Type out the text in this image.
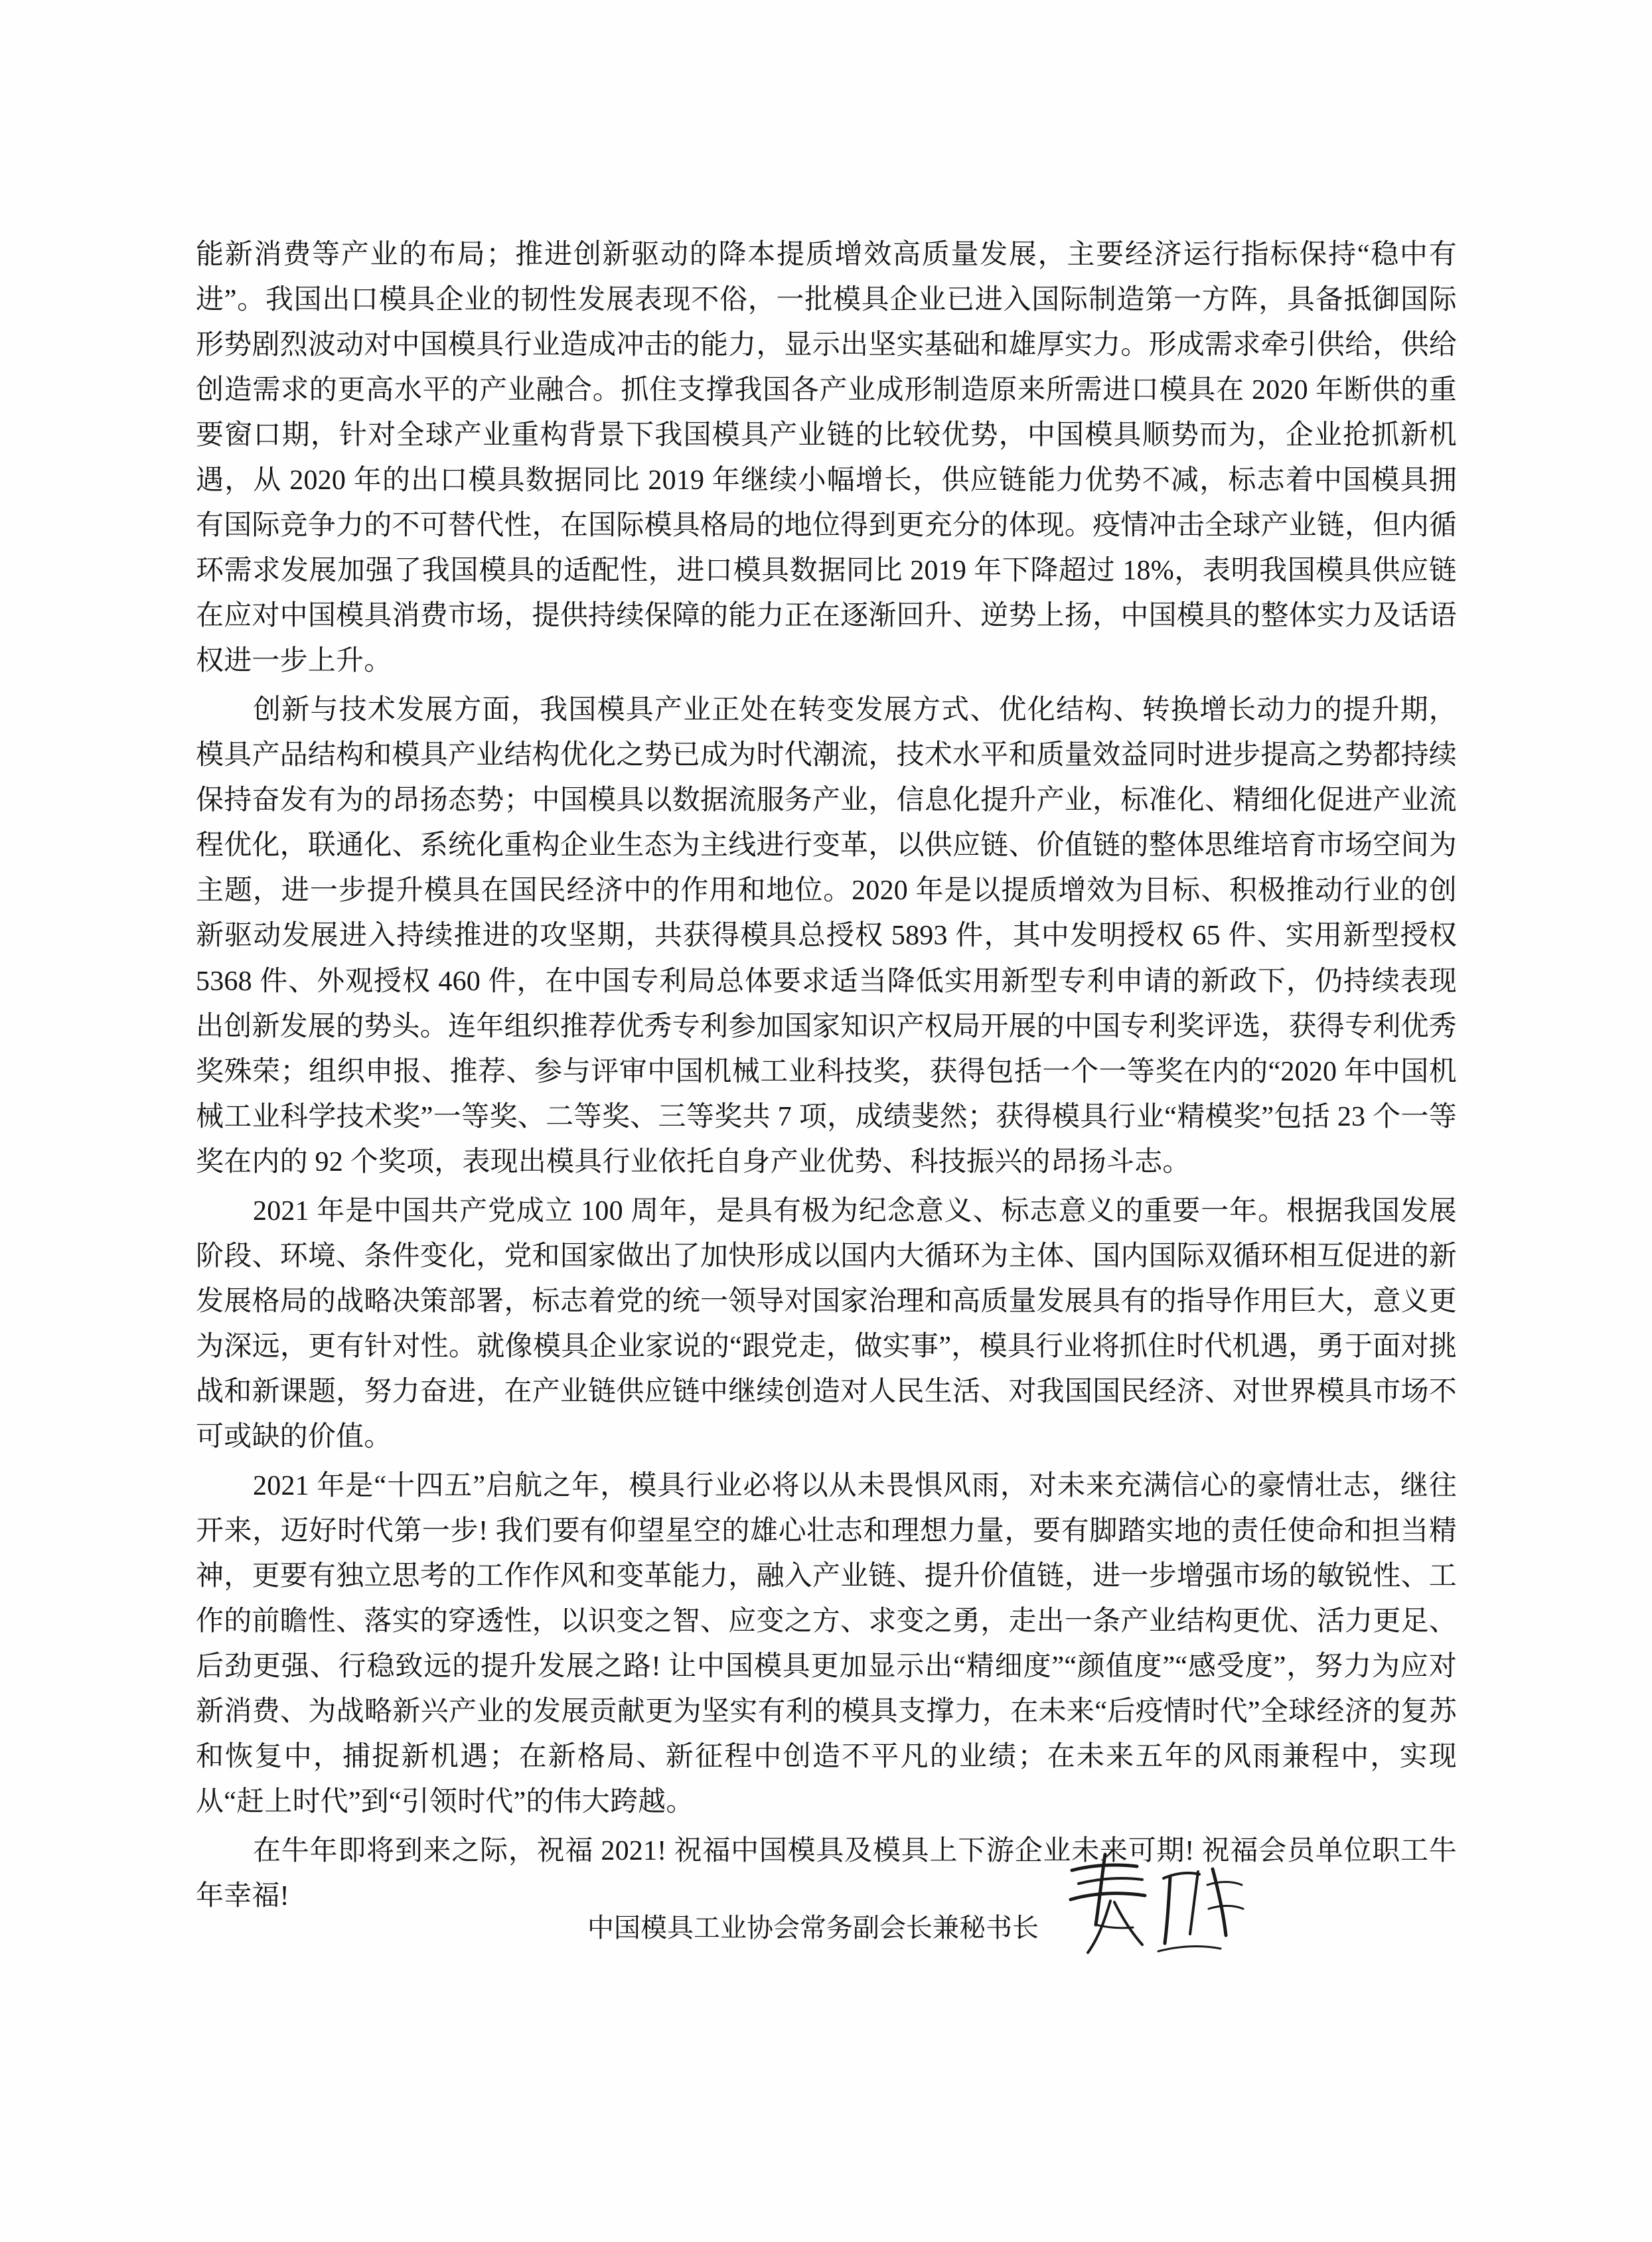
能新消费等产业的布局；推进创新驱动的降本提质增效高质量发展，主要经济运行指标保持“稳中有进”。我国出口模具企业的韧性发展表现不俗，一批模具企业已进入国际制造第一方阵，具备抵御国际形势剧烈波动对中国模具行业造成冲击的能力，显示出坚实基础和雄厚实力。形成需求牵引供给，供给创造需求的更高水平的产业融合。抓住支撑我国各产业成形制造原来所需进口模具在 2020 年断供的重要窗口期，针对全球产业重构背景下我国模具产业链的比较优势，中国模具顺势而为，企业抢抓新机遇，从 2020 年的出口模具数据同比 2019 年继续小幅增长，供应链能力优势不减，标志着中国模具拥有国际竞争力的不可替代性，在国际模具格局的地位得到更充分的体现。疫情冲击全球产业链，但内循环需求发展加强了我国模具的适配性，进口模具数据同比 2019 年下降超过 18%，表明我国模具供应链在应对中国模具消费市场，提供持续保障的能力正在逐渐回升、逆势上扬，中国模具的整体实力及话语权进一步上升。

创新与技术发展方面，我国模具产业正处在转变发展方式、优化结构、转换增长动力的提升期，模具产品结构和模具产业结构优化之势已成为时代潮流，技术水平和质量效益同时进步提高之势都持续保持奋发有为的昂扬态势；中国模具以数据流服务产业，信息化提升产业，标准化、精细化促进产业流程优化，联通化、系统化重构企业生态为主线进行变革，以供应链、价值链的整体思维培育市场空间为主题，进一步提升模具在国民经济中的作用和地位。2020 年是以提质增效为目标、积极推动行业的创新驱动发展进入持续推进的攻坚期，共获得模具总授权 5893 件，其中发明授权 65 件、实用新型授权 5368 件、外观授权 460 件，在中国专利局总体要求适当降低实用新型专利申请的新政下，仍持续表现出创新发展的势头。连年组织推荐优秀专利参加国家知识产权局开展的中国专利奖评选，获得专利优秀奖殊荣；组织申报、推荐、参与评审中国机械工业科技奖，获得包括一个一等奖在内的“2020 年中国机械工业科学技术奖”一等奖、二等奖、三等奖共 7 项，成绩斐然；获得模具行业“精模奖”包括 23 个一等奖在内的 92 个奖项，表现出模具行业依托自身产业优势、科技振兴的昂扬斗志。

2021 年是中国共产党成立 100 周年，是具有极为纪念意义、标志意义的重要一年。根据我国发展阶段、环境、条件变化，党和国家做出了加快形成以国内大循环为主体、国内国际双循环相互促进的新发展格局的战略决策部署，标志着党的统一领导对国家治理和高质量发展具有的指导作用巨大，意义更为深远，更有针对性。就像模具企业家说的“跟党走，做实事”，模具行业将抓住时代机遇，勇于面对挑战和新课题，努力奋进，在产业链供应链中继续创造对人民生活、对我国国民经济、对世界模具市场不可或缺的价值。

2021 年是“十四五”启航之年，模具行业必将以从未畏惧风雨，对未来充满信心的豪情壮志，继往开来，迈好时代第一步! 我们要有仰望星空的雄心壮志和理想力量，要有脚踏实地的责任使命和担当精神，更要有独立思考的工作作风和变革能力，融入产业链、提升价值链，进一步增强市场的敏锐性、工作的前瞻性、落实的穿透性，以识变之智、应变之方、求变之勇，走出一条产业结构更优、活力更足、后劲更强、行稳致远的提升发展之路! 让中国模具更加显示出“精细度”“颜值度”“感受度”，努力为应对新消费、为战略新兴产业的发展贡献更为坚实有利的模具支撑力，在未来“后疫情时代”全球经济的复苏和恢复中，捕捉新机遇；在新格局、新征程中创造不平凡的业绩；在未来五年的风雨兼程中，实现从“赶上时代”到“引领时代”的伟大跨越。

在牛年即将到来之际，祝福 2021! 祝福中国模具及模具上下游企业未来可期! 祝福会员单位职工牛年幸福!

中国模具工业协会常务副会长兼秘书长
